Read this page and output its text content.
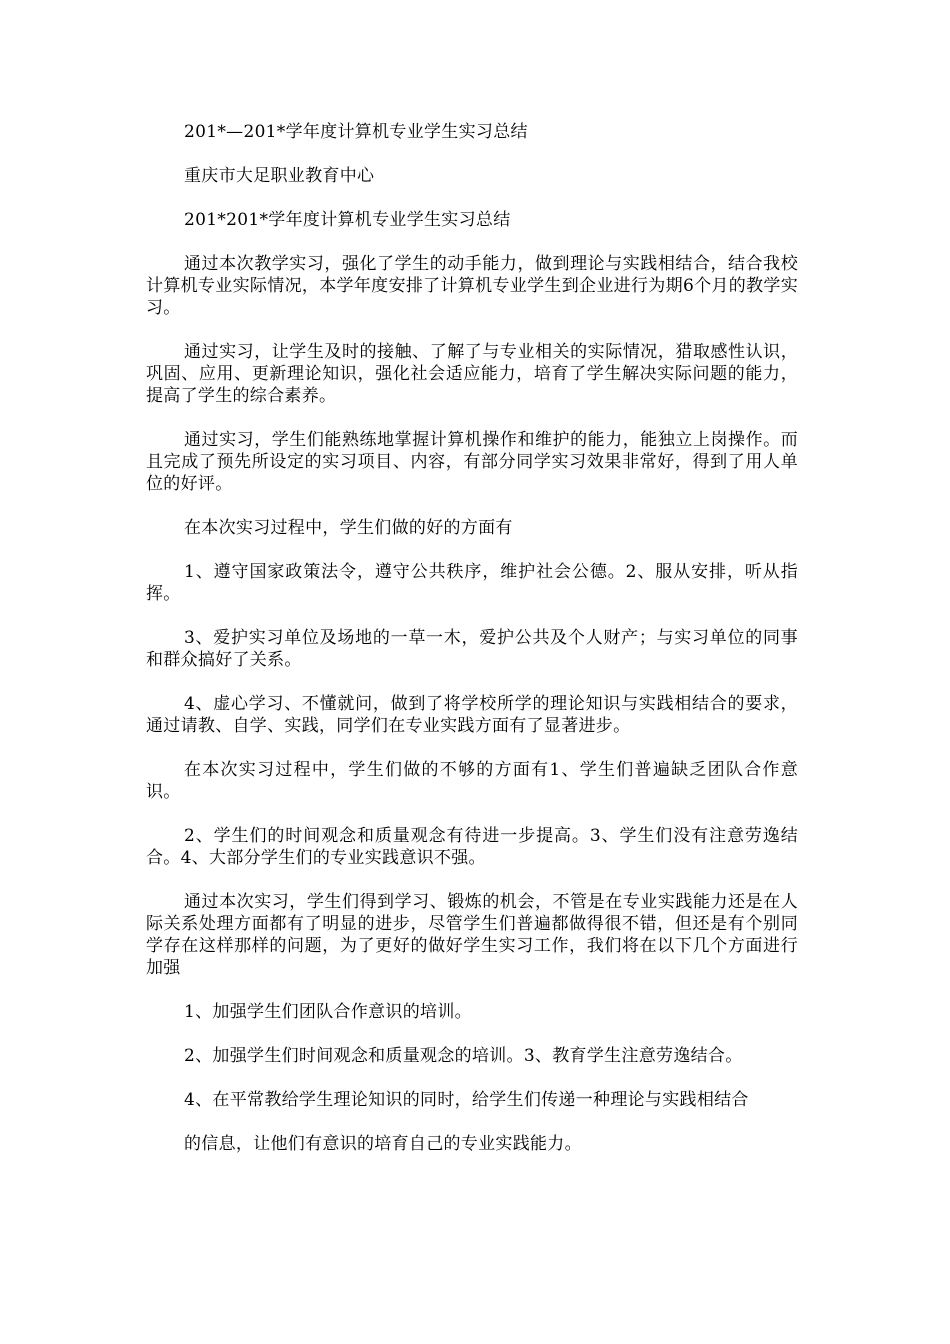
201*—201*学年度计算机专业学生实习总结

重庆市大足职业教育中心

201*201*学年度计算机专业学生实习总结

通过本次教学实习，强化了学生的动手能力，做到理论与实践相结合，结合我校计算机专业实际情况，本学年度安排了计算机专业学生到企业进行为期6个月的教学实习。

通过实习，让学生及时的接触、了解了与专业相关的实际情况，猎取感性认识，巩固、应用、更新理论知识，强化社会适应能力，培育了学生解决实际问题的能力，提高了学生的综合素养。

通过实习，学生们能熟练地掌握计算机操作和维护的能力，能独立上岗操作。而且完成了预先所设定的实习项目、内容，有部分同学实习效果非常好，得到了用人单位的好评。

在本次实习过程中，学生们做的好的方面有

1、遵守国家政策法令，遵守公共秩序，维护社会公德。2、服从安排，听从指挥。

3、爱护实习单位及场地的一草一木，爱护公共及个人财产；与实习单位的同事和群众搞好了关系。

4、虚心学习、不懂就问，做到了将学校所学的理论知识与实践相结合的要求，通过请教、自学、实践，同学们在专业实践方面有了显著进步。

在本次实习过程中，学生们做的不够的方面有1、学生们普遍缺乏团队合作意识。

2、学生们的时间观念和质量观念有待进一步提高。3、学生们没有注意劳逸结合。4、大部分学生们的专业实践意识不强。

通过本次实习，学生们得到学习、锻炼的机会，不管是在专业实践能力还是在人际关系处理方面都有了明显的进步，尽管学生们普遍都做得很不错，但还是有个别同学存在这样那样的问题，为了更好的做好学生实习工作，我们将在以下几个方面进行加强

1、加强学生们团队合作意识的培训。

2、加强学生们时间观念和质量观念的培训。3、教育学生注意劳逸结合。

4、在平常教给学生理论知识的同时，给学生们传递一种理论与实践相结合

的信息，让他们有意识的培育自己的专业实践能力。
